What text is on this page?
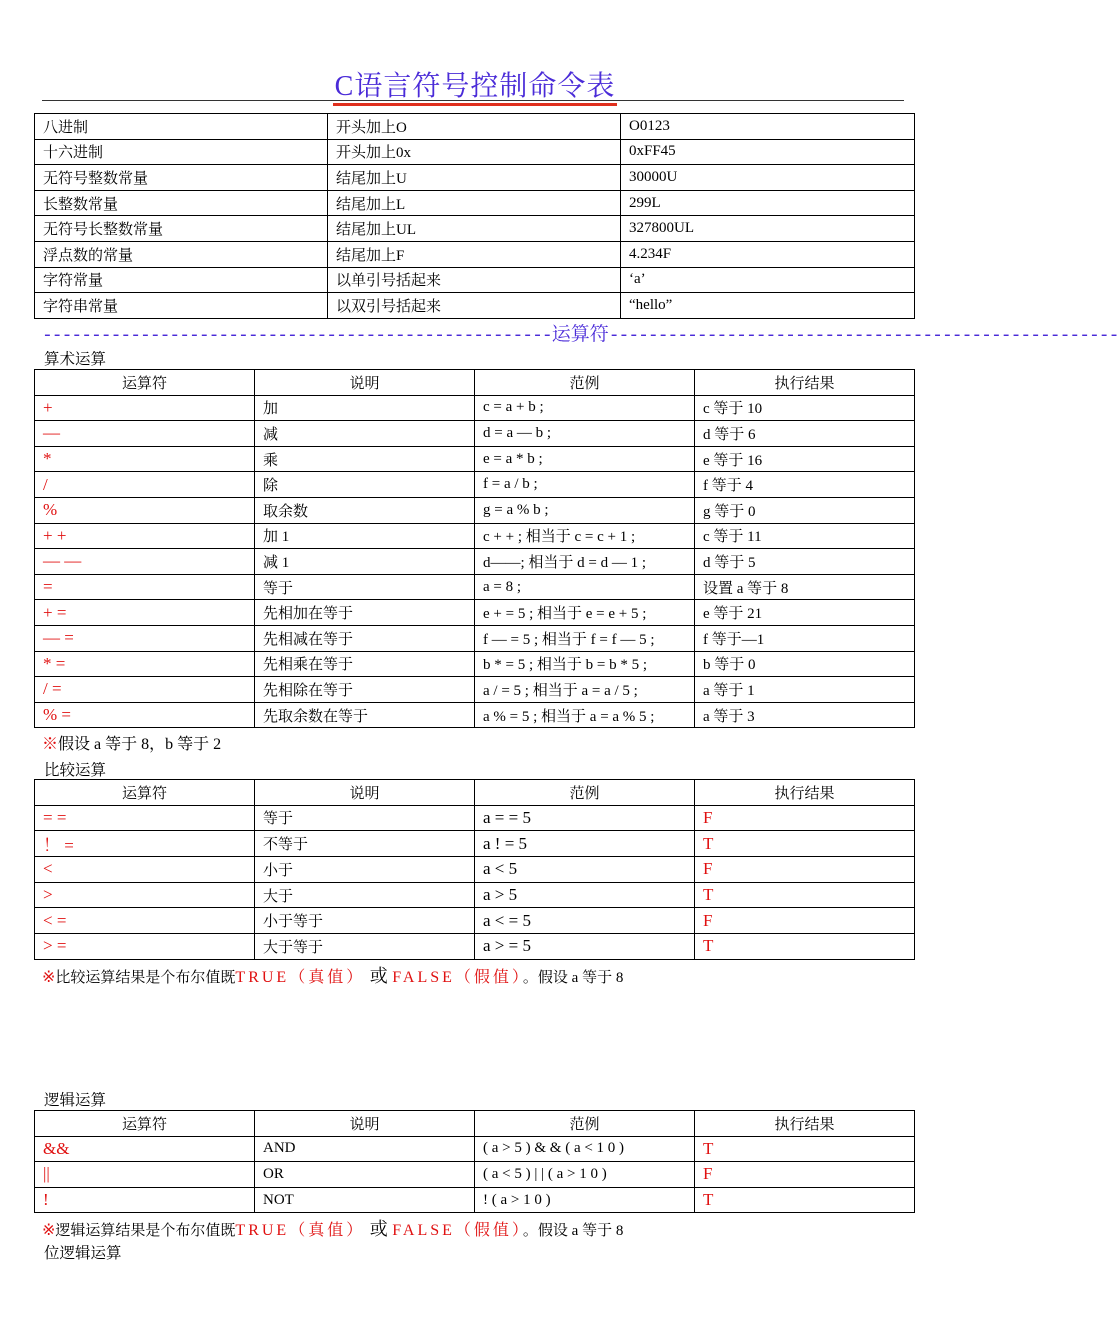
C语言符号控制命令表
八进制	开头加上O	O0123
十六进制	开头加上0x	0xFF45
无符号整数常量	结尾加上U	30000U
长整数常量	结尾加上L	299L
无符号长整数常量	结尾加上UL	327800UL
浮点数的常量	结尾加上F	4.234F
字符常量	以单引号括起来	‘a’
字符串常量	以双引号括起来	“hello”
----------------------------------------------------运算符----------------------------------------------------
算术运算
运算符	说明	范例	执行结果
+	加	c = a + b ;	c 等于 10
—	减	d = a — b ;	d 等于 6
*	乘	e = a * b ;	e 等于 16
/	除	f = a / b ;	f 等于 4
%	取余数	g = a % b ;	g 等于 0
+ +	加 1	c + + ; 相当于 c = c + 1 ;	c 等于 11
— —	减 1	d——; 相当于 d = d — 1 ;	d 等于 5
=	等于	a = 8 ;	设置 a 等于 8
+ =	先相加在等于	e + = 5 ; 相当于 e = e + 5 ;	e 等于 21
— =	先相减在等于	f — = 5 ; 相当于 f = f — 5 ;	f 等于—1
* =	先相乘在等于	b * = 5 ; 相当于 b = b * 5 ;	b 等于 0
/ =	先相除在等于	a / = 5 ; 相当于 a = a / 5 ;	a 等于 1
% =	先取余数在等于	a % = 5 ; 相当于 a = a % 5 ;	a 等于 3
※假设 a 等于 8，b 等于 2
比较运算
运算符	说明	范例	执行结果
= =	等于	a = = 5	F
！ =	不等于	a ! = 5	T
<	小于	a < 5	F
>	大于	a > 5	T
< =	小于等于	a < = 5	F
> =	大于等于	a > = 5	T
※比较运算结果是个布尔值既TRUE（真值） 或 FALSE（假值）。假设 a 等于 8
逻辑运算
运算符	说明	范例	执行结果
&&	AND	( a > 5 ) & & ( a < 1 0 )	T
||	OR	( a < 5 ) | | ( a > 1 0 )	F
!	NOT	! ( a > 1 0 )	T
※逻辑运算结果是个布尔值既TRUE（真值） 或 FALSE（假值）。假设 a 等于 8
位逻辑运算
